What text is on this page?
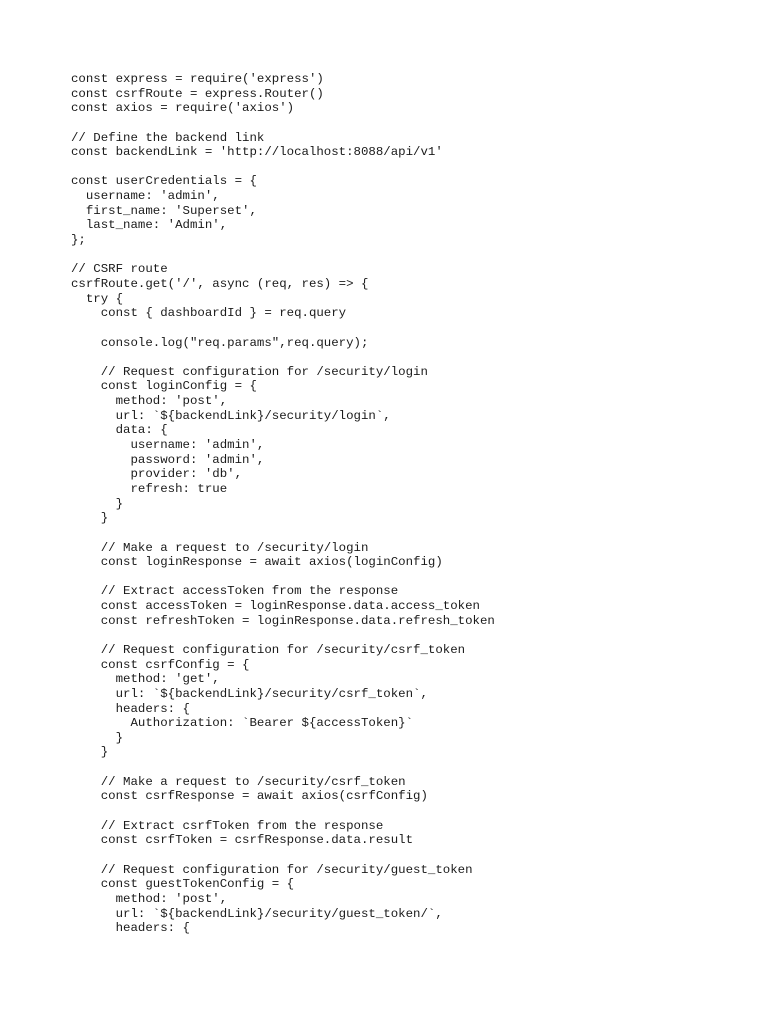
const express = require('express')
const csrfRoute = express.Router()
const axios = require('axios')
// Define the backend link
const backendLink = 'http://localhost:8088/api/v1'
const userCredentials = {
username: 'admin',
first_name: 'Superset',
last_name: 'Admin',
};
// CSRF route
csrfRoute.get('/', async (req, res) => {
try {
const { dashboardId } = req.query
console.log("req.params",req.query);
// Request configuration for /security/login
const loginConfig = {
method: 'post',
url: `${backendLink}/security/login`,
data: {
username: 'admin',
password: 'admin',
provider: 'db',
refresh: true
}
}
// Make a request to /security/login
const loginResponse = await axios(loginConfig)
// Extract accessToken from the response
const accessToken = loginResponse.data.access_token
const refreshToken = loginResponse.data.refresh_token
// Request configuration for /security/csrf_token
const csrfConfig = {
method: 'get',
url: `${backendLink}/security/csrf_token`,
headers: {
Authorization: `Bearer ${accessToken}`
}
}
// Make a request to /security/csrf_token
const csrfResponse = await axios(csrfConfig)
// Extract csrfToken from the response
const csrfToken = csrfResponse.data.result
// Request configuration for /security/guest_token
const guestTokenConfig = {
method: 'post',
url: `${backendLink}/security/guest_token/`,
headers: {
